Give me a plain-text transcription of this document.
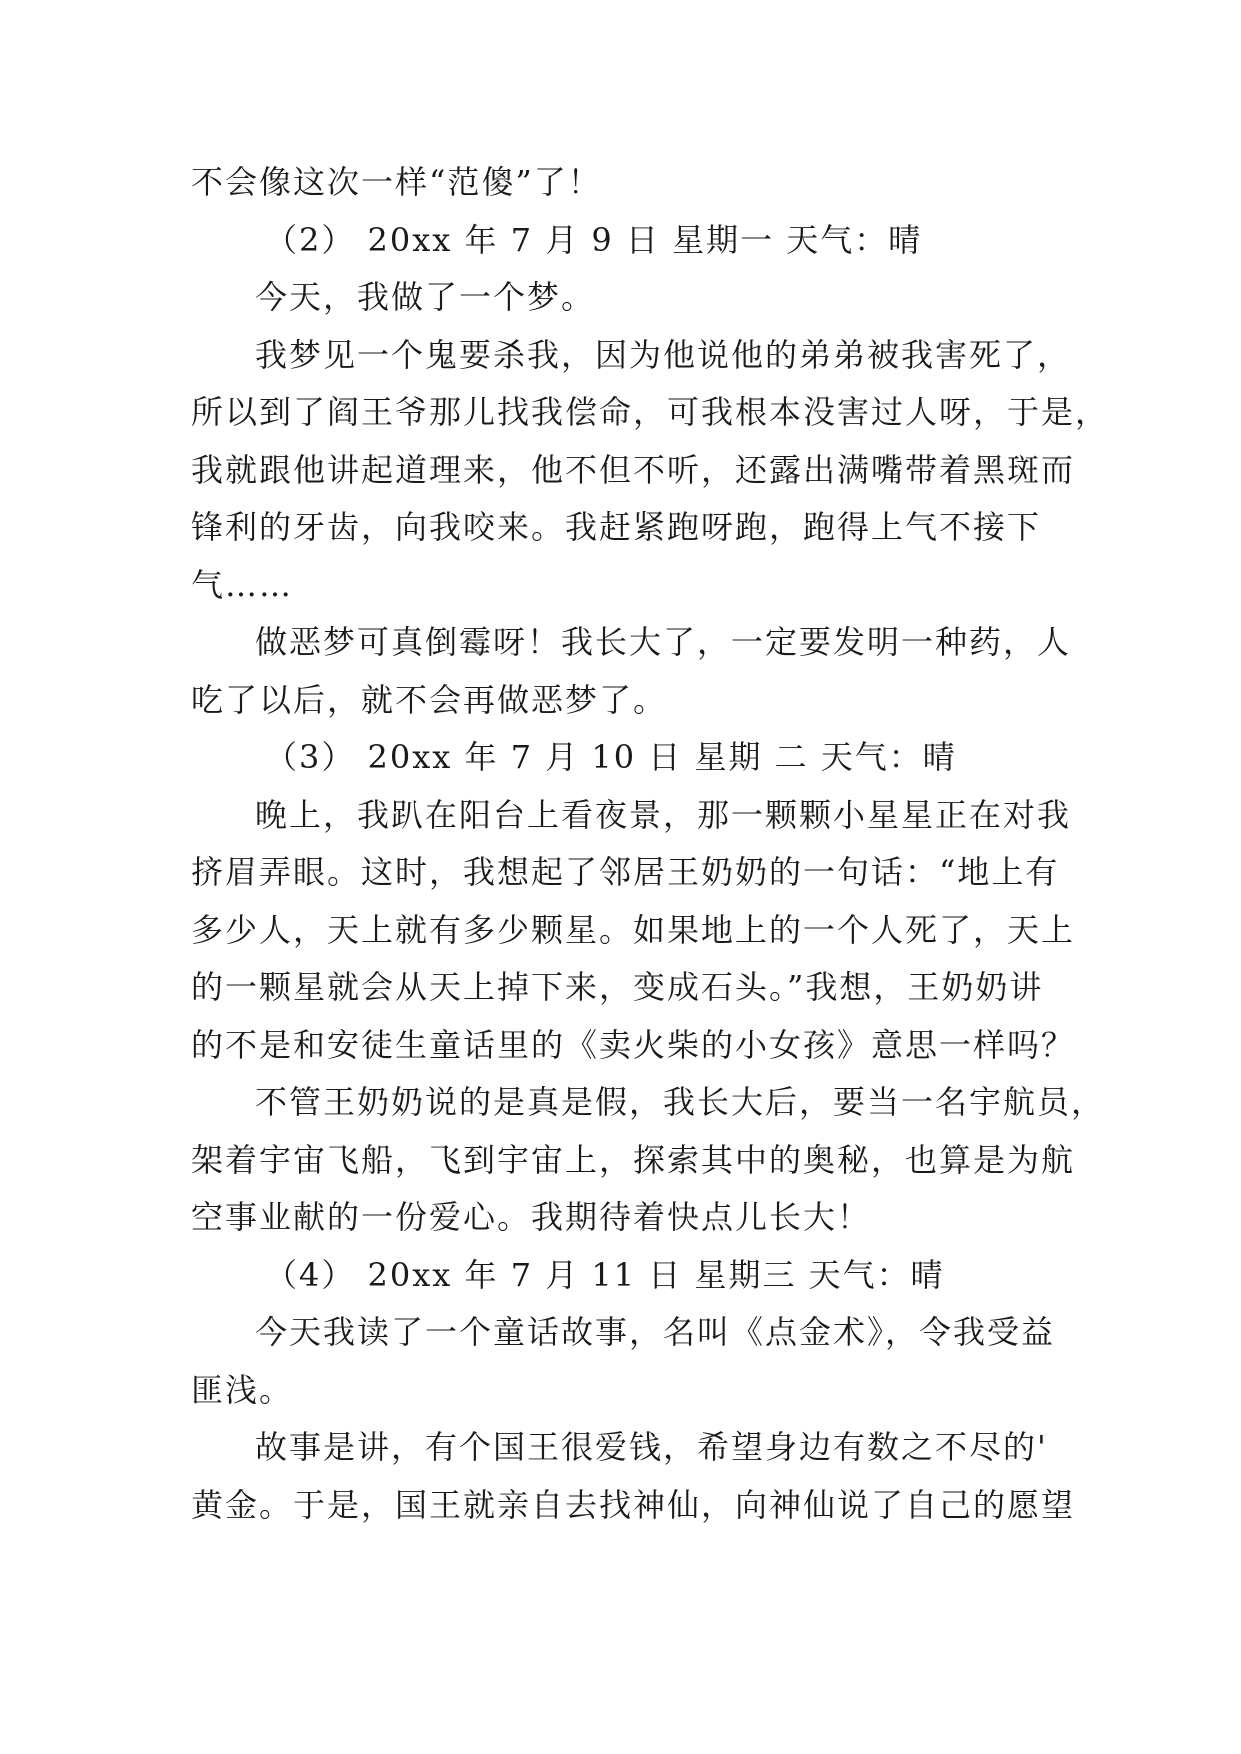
不会像这次一样“范傻”了！
（2） 20xx 年 7 月 9 日 星期一 天气：晴
今天，我做了一个梦。
我梦见一个鬼要杀我，因为他说他的弟弟被我害死了，
所以到了阎王爷那儿找我偿命，可我根本没害过人呀，于是，
我就跟他讲起道理来，他不但不听，还露出满嘴带着黑斑而
锋利的牙齿，向我咬来。我赶紧跑呀跑，跑得上气不接下
气……
做恶梦可真倒霉呀！我长大了，一定要发明一种药，人
吃了以后，就不会再做恶梦了。
（3） 20xx 年 7 月 10 日 星期 二 天气：晴
晚上，我趴在阳台上看夜景，那一颗颗小星星正在对我
挤眉弄眼。这时，我想起了邻居王奶奶的一句话：“地上有
多少人，天上就有多少颗星。如果地上的一个人死了，天上
的一颗星就会从天上掉下来，变成石头。”我想，王奶奶讲
的不是和安徒生童话里的《卖火柴的小女孩》意思一样吗？
不管王奶奶说的是真是假，我长大后，要当一名宇航员，
架着宇宙飞船，飞到宇宙上，探索其中的奥秘，也算是为航
空事业献的一份爱心。我期待着快点儿长大！
（4） 20xx 年 7 月 11 日 星期三 天气：晴
今天我读了一个童话故事，名叫《点金术》，令我受益
匪浅。
故事是讲，有个国王很爱钱，希望身边有数之不尽的'
黄金。于是，国王就亲自去找神仙，向神仙说了自己的愿望
